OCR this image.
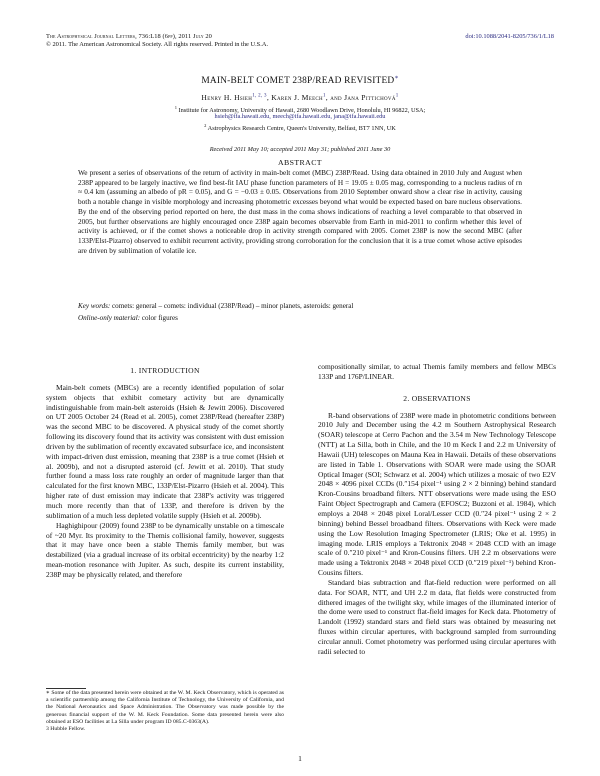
The Astrophysical Journal Letters, 736:L18 (6pp), 2011 July 20
© 2011. The American Astronomical Society. All rights reserved. Printed in the U.S.A.
doi:10.1088/2041-8205/736/1/L18
MAIN-BELT COMET 238P/READ REVISITED∗
Henry H. Hsieh$^{1, 2, 3}$, Karen J. Meech$^1$, and Jana Pittichová$^1$
$^1$ Institute for Astronomy, University of Hawaii, 2680 Woodlawn Drive, Honolulu, HI 96822, USA;
hsieh@ifa.hawaii.edu, meech@ifa.hawaii.edu, jana@ifa.hawaii.edu
$^2$ Astrophysics Research Centre, Queen's University, Belfast, BT7 1NN, UK
Received 2011 May 10; accepted 2011 May 31; published 2011 June 30
ABSTRACT
We present a series of observations of the return of activity in main-belt comet (MBC) 238P/Read. Using data obtained in 2010 July and August when 238P appeared to be largely inactive, we find best-fit IAU phase function parameters of H = 19.05 ± 0.05 mag, corresponding to a nucleus radius of rn ≈ 0.4 km (assuming an albedo of pR = 0.05), and G = −0.03 ± 0.05. Observations from 2010 September onward show a clear rise in activity, causing both a notable change in visible morphology and increasing photometric excesses beyond what would be expected based on bare nucleus observations. By the end of the observing period reported on here, the dust mass in the coma shows indications of reaching a level comparable to that observed in 2005, but further observations are highly encouraged once 238P again becomes observable from Earth in mid-2011 to confirm whether this level of activity is achieved, or if the comet shows a noticeable drop in activity strength compared with 2005. Comet 238P is now the second MBC (after 133P/Elst-Pizarro) observed to exhibit recurrent activity, providing strong corroboration for the conclusion that it is a true comet whose active episodes are driven by sublimation of volatile ice.
Key words: comets: general – comets: individual (238P/Read) – minor planets, asteroids: general
Online-only material: color figures
1. INTRODUCTION

Main-belt comets (MBCs) are a recently identified population of solar system objects that exhibit cometary activity but are dynamically indistinguishable from main-belt asteroids (Hsieh & Jewitt 2006). Discovered on UT 2005 October 24 (Read et al. 2005), comet 238P/Read (hereafter 238P) was the second MBC to be discovered. A physical study of the comet shortly following its discovery found that its activity was consistent with dust emission driven by the sublimation of recently excavated subsurface ice, and inconsistent with impact-driven dust emission, meaning that 238P is a true comet (Hsieh et al. 2009b), and not a disrupted asteroid (cf. Jewitt et al. 2010). That study further found a mass loss rate roughly an order of magnitude larger than that calculated for the first known MBC, 133P/Elst-Pizarro (Hsieh et al. 2004). This higher rate of dust emission may indicate that 238P's activity was triggered much more recently than that of 133P, and therefore is driven by the sublimation of a much less depleted volatile supply (Hsieh et al. 2009b).

Haghighipour (2009) found 238P to be dynamically unstable on a timescale of ~20 Myr. Its proximity to the Themis collisional family, however, suggests that it may have once been a stable Themis family member, but was destabilized (via a gradual increase of its orbital eccentricity) by the nearby 1:2 mean-motion resonance with Jupiter. As such, despite its current instability, 238P may be physically related, and therefore

∗ Some of the data presented herein were obtained at the W. M. Keck Observatory, which is operated as a scientific partnership among the California Institute of Technology, the University of California, and the National Aeronautics and Space Administration. The Observatory was made possible by the generous financial support of the W. M. Keck Foundation. Some data presented herein were also obtained at ESO facilities at La Silla under program ID 085.C-0363(A).
3 Hubble Fellow.

compositionally similar, to actual Themis family members and fellow MBCs 133P and 176P/LINEAR.

2. OBSERVATIONS

R-band observations of 238P were made in photometric conditions between 2010 July and December using the 4.2 m Southern Astrophysical Research (SOAR) telescope at Cerro Pachon and the 3.54 m New Technology Telescope (NTT) at La Silla, both in Chile, and the 10 m Keck I and 2.2 m University of Hawaii (UH) telescopes on Mauna Kea in Hawaii. Details of these observations are listed in Table 1. Observations with SOAR were made using the SOAR Optical Imager (SOI; Schwarz et al. 2004) which utilizes a mosaic of two E2V 2048 × 4096 pixel CCDs (0.″154 pixel⁻¹ using 2 × 2 binning) behind standard Kron-Cousins broadband filters. NTT observations were made using the ESO Faint Object Spectrograph and Camera (EFOSC2; Buzzoni et al. 1984), which employs a 2048 × 2048 pixel Loral/Lesser CCD (0.″24 pixel⁻¹ using 2 × 2 binning) behind Bessel broadband filters. Observations with Keck were made using the Low Resolution Imaging Spectrometer (LRIS; Oke et al. 1995) in imaging mode. LRIS employs a Tektronix 2048 × 2048 CCD with an image scale of 0.″210 pixel⁻¹ and Kron-Cousins filters. UH 2.2 m observations were made using a Tektronix 2048 × 2048 pixel CCD (0.″219 pixel⁻¹) behind Kron-Cousins filters.

Standard bias subtraction and flat-field reduction were performed on all data. For SOAR, NTT, and UH 2.2 m data, flat fields were constructed from dithered images of the twilight sky, while images of the illuminated interior of the dome were used to construct flat-field images for Keck data. Photometry of Landolt (1992) standard stars and field stars was obtained by measuring net fluxes within circular apertures, with background sampled from surrounding circular annuli. Comet photometry was performed using circular apertures with radii selected to

1
